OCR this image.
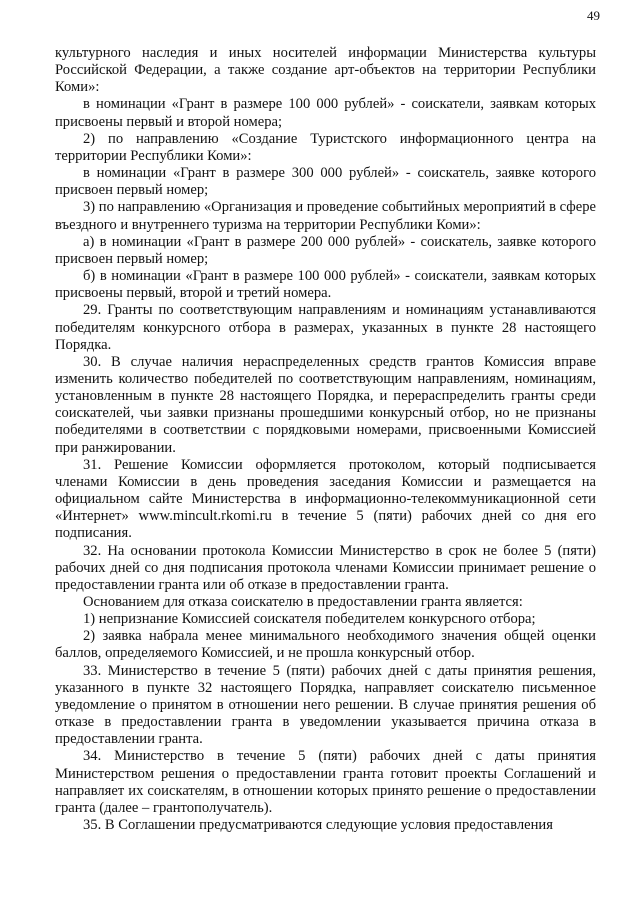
49

культурного наследия и иных носителей информации Министерства культуры Российской Федерации, а также создание арт-объектов на территории Республики Коми»:

в номинации «Грант в размере 100 000 рублей» - соискатели, заявкам которых присвоены первый и второй номера;

2) по направлению «Создание Туристского информационного центра на территории Республики Коми»:

в номинации «Грант в размере 300 000 рублей» - соискатель, заявке которого присвоен первый номер;

3) по направлению «Организация и проведение событийных мероприятий в сфере въездного и внутреннего туризма на территории Республики Коми»:

а) в номинации «Грант в размере 200 000 рублей» - соискатель, заявке которого присвоен первый номер;

б) в номинации «Грант в размере 100 000 рублей» - соискатели, заявкам которых присвоены первый, второй и третий номера.

29. Гранты по соответствующим направлениям и номинациям устанавливаются победителям конкурсного отбора в размерах, указанных в пункте 28 настоящего Порядка.

30. В случае наличия нераспределенных средств грантов Комиссия вправе изменить количество победителей по соответствующим направлениям, номинациям, установленным в пункте 28 настоящего Порядка, и перераспределить гранты среди соискателей, чьи заявки признаны прошедшими конкурсный отбор, но не признаны победителями в соответствии с порядковыми номерами, присвоенными Комиссией при ранжировании.

31. Решение Комиссии оформляется протоколом, который подписывается членами Комиссии в день проведения заседания Комиссии и размещается на официальном сайте Министерства в информационно-телекоммуникационной сети «Интернет» www.mincult.rkomi.ru в течение 5 (пяти) рабочих дней со дня его подписания.

32. На основании протокола Комиссии Министерство в срок не более 5 (пяти) рабочих дней со дня подписания протокола членами Комиссии принимает решение о предоставлении гранта или об отказе в предоставлении гранта.

Основанием для отказа соискателю в предоставлении гранта является:

1) непризнание Комиссией соискателя победителем конкурсного отбора;

2) заявка набрала менее минимального необходимого значения общей оценки баллов, определяемого Комиссией, и не прошла конкурсный отбор.

33. Министерство в течение 5 (пяти) рабочих дней с даты принятия решения, указанного в пункте 32 настоящего Порядка, направляет соискателю письменное уведомление о принятом в отношении него решении. В случае принятия решения об отказе в предоставлении гранта в уведомлении указывается причина отказа в предоставлении гранта.

34. Министерство в течение 5 (пяти) рабочих дней с даты принятия Министерством решения о предоставлении гранта готовит проекты Соглашений и направляет их соискателям, в отношении которых принято решение о предоставлении гранта (далее – грантополучатель).

35. В Соглашении предусматриваются следующие условия предоставления
